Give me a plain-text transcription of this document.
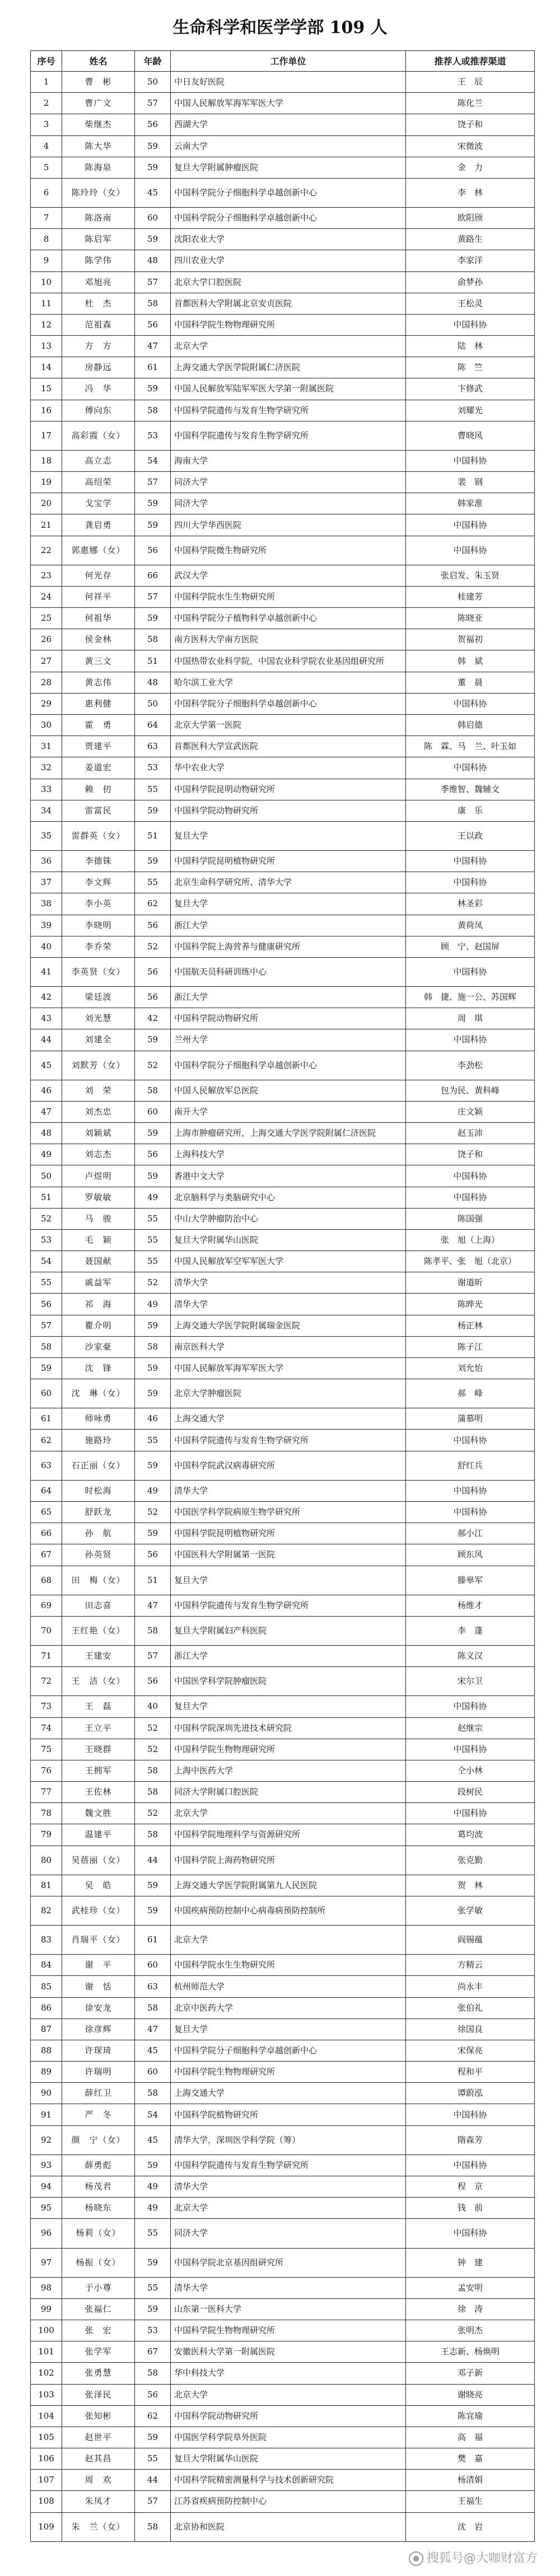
生命科学和医学学部 109 人
序号	姓名	年龄	工作单位	推荐人或推荐渠道
1	曹　彬	50	中日友好医院	王　辰
2	曹广文	57	中国人民解放军海军军医大学	陈化兰
3	柴继杰	56	西湖大学	饶子和
4	陈大华	59	云南大学	宋微波
5	陈海泉	59	复旦大学附属肿瘤医院	金　力
6	陈玲玲（女）	45	中国科学院分子细胞科学卓越创新中心	李　林
7	陈洛南	60	中国科学院分子细胞科学卓越创新中心	欧阳颀
8	陈启军	59	沈阳农业大学	黄路生
9	陈学伟	48	四川农业大学	李家洋
10	邓旭亮	57	北京大学口腔医院	俞梦孙
11	杜　杰	58	首都医科大学附属北京安贞医院	王松灵
12	范祖森	56	中国科学院生物物理研究所	中国科协
13	方　方	47	北京大学	陆　林
14	房静远	61	上海交通大学医学院附属仁济医院	陈　竺
15	冯　华	59	中国人民解放军陆军军医大学第一附属医院	卞修武
16	傅向东	58	中国科学院遗传与发育生物学研究所	刘耀光
17	高彩霞（女）	53	中国科学院遗传与发育生物学研究所	曹晓风
18	高立志	54	海南大学	中国科协
19	高绍荣	57	同济大学	裴　钢
20	戈宝学	59	同济大学	韩家淮
21	龚启勇	59	四川大学华西医院	中国科协
22	郭惠娜（女）	56	中国科学院微生物研究所	中国科协
23	何光存	66	武汉大学	张启发、朱玉贤
24	何祥平	57	中国科学院水生生物研究所	桂建芳
25	何祖华	59	中国科学院分子植物科学卓越创新中心	陈晓亚
26	侯金林	58	南方医科大学南方医院	贺福初
27	黄三文	51	中国热带农业科学院，中国农业科学院农业基因组研究所	韩　斌
28	黄志伟	48	哈尔滨工业大学	董　晨
29	惠利健	50	中国科学院分子细胞科学卓越创新中心	中国科协
30	霍　勇	64	北京大学第一医院	韩启德
31	贾建平	63	首都医科大学宣武医院	陈　霖、马　兰、叶玉如
32	姜道宏	53	华中农业大学	中国科协
33	赖　仞	55	中国科学院昆明动物研究所	季维智、魏辅文
34	雷富民	59	中国科学院动物研究所	康　乐
35	雷群英（女）	51	复旦大学	王以政
36	李德铢	59	中国科学院昆明植物研究所	中国科协
37	李文辉	55	北京生命科学研究所、清华大学	中国科协
38	李小英	62	复旦大学	林圣彩
39	李晓明	56	浙江大学	黄荷凤
40	李乔荣	52	中国科学院上海营养与健康研究所	顾　宁、赵国屏
41	李英贤（女）	56	中国航天员科研训练中心	中国科协
42	梁廷波	56	浙江大学	韩　捷、施一公、苏国辉
43	刘光慧	42	中国科学院动物研究所	周　琪
44	刘建全	59	兰州大学	中国科协
45	刘默芳（女）	52	中国科学院分子细胞科学卓越创新中心	李劲松
46	刘　荣	58	中国人民解放军总医院	包为民、黄科峰
47	刘杰忠	60	南开大学	庄文颖
48	刘颖斌	59	上海市肿瘤研究所，上海交通大学医学院附属仁济医院	赵玉沛
49	刘志杰	56	上海科技大学	饶子和
50	卢煜明	59	香港中文大学	中国科协
51	罗敏敏	49	北京脑科学与类脑研究中心	中国科协
52	马　骏	55	中山大学肿瘤防治中心	陈国强
53	毛　颖	55	复旦大学附属华山医院	张　旭（上海）
54	聂国献	55	中国人民解放军空军军医大学	陈孝平、张　旭（北京）
55	戚益军	52	清华大学	谢道昕
56	祁　海	49	清华大学	陈晔光
57	瞿介明	59	上海交通大学医学院附属瑞金医院	杨正林
58	沙家豪	58	南京医科大学	陈子江
59	沈　锋	59	中国人民解放军海军军医大学	刘允怡
60	沈　琳（女）	59	北京大学肿瘤医院	郝　峰
61	师咏勇	46	上海交通大学	蒲慕明
62	施路玲	55	中国科学院遗传与发育生物学研究所	中国科协
63	石正丽（女）	59	中国科学院武汉病毒研究所	舒红兵
64	时松海	49	清华大学	中国科协
65	舒跃龙	52	中国医学科学院病原生物学研究所	中国科协
66	孙　航	59	中国科学院昆明植物研究所	郝小江
67	孙英贤	56	中国医科大学附属第一医院	顾东风
68	田　梅（女）	51	复旦大学	滕皋军
69	田志喜	47	中国科学院遗传与发育生物学研究所	杨维才
70	王红艳（女）	58	复旦大学附属妇产科医院	李　蓬
71	王建安	57	浙江大学	陈义汉
72	王　洁（女）	56	中国医学科学院肿瘤医院	宋尔卫
73	王　磊	40	复旦大学	中国科协
74	王立平	52	中国科学院深圳先进技术研究院	赵继宗
75	王晓群	52	中国科学院生物物理研究所	中国科协
76	王拥军	58	上海中医药大学	仝小林
77	王佐林	58	同济大学附属口腔医院	段树民
78	魏文胜	52	北京大学	中国科协
79	温建平	58	中国科学院地理科学与资源研究所	葛均波
80	吴蓓丽（女）	44	中国科学院上海药物研究所	张克勤
81	吴　皓	59	上海交通大学医学院附属第九人民医院	贺　林
82	武桂珍（女）	59	中国疾病预防控制中心病毒病预防控制所	张学敏
83	肖瑞平（女）	61	北京大学	阎锡蕴
84	谢　平	60	中国科学院水生生物研究所	方精云
85	谢　恬	63	杭州师范大学	尚永丰
86	徐安龙	58	北京中医药大学	张伯礼
87	徐彦辉	47	复旦大学	徐国良
88	许琛琦	45	中国科学院分子细胞科学卓越创新中心	宋保亮
89	许瑞明	60	中国科学院生物物理研究所	程和平
90	薛红卫	58	上海交通大学	谭蔚泓
91	严　冬	54	中国科学院植物研究所	中国科协
92	颜　宁（女）	45	清华大学，深圳医学科学院（筹）	隋森芳
93	薛勇彪	59	中国科学院遗传与发育生物学研究所	中国科协
94	杨茂君	49	清华大学	程　京
95	杨晓东	49	北京大学	钱　前
96	杨莉（女）	55	同济大学	中国科协
97	杨振（女）	59	中国科学院北京基因组研究所	钟　建
98	于小尊	55	清华大学	孟安明
99	张福仁	59	山东第一医科大学	徐　涛
100	张　宏	53	中国科学院生物物理研究所	张明杰
101	张学军	67	安徽医科大学第一附属医院	王志新、杨焕明
102	张勇慧	58	华中科技大学	邓子新
103	张泽民	56	北京大学	谢晓亮
104	张知彬	62	中国科学院动物研究所	陈宜瑜
105	赵世平	59	中国医学科学院阜外医院	高　福
106	赵其昌	55	复旦大学附属华山医院	樊　嘉
107	周　欢	44	中国科学院精密测量科学与技术创新研究院	杨清娟
108	朱凤才	57	江苏省疾病预防控制中心	王福生
109	朱　兰（女）	58	北京协和医院	沈　岩
搜狐号@大咖财富方
